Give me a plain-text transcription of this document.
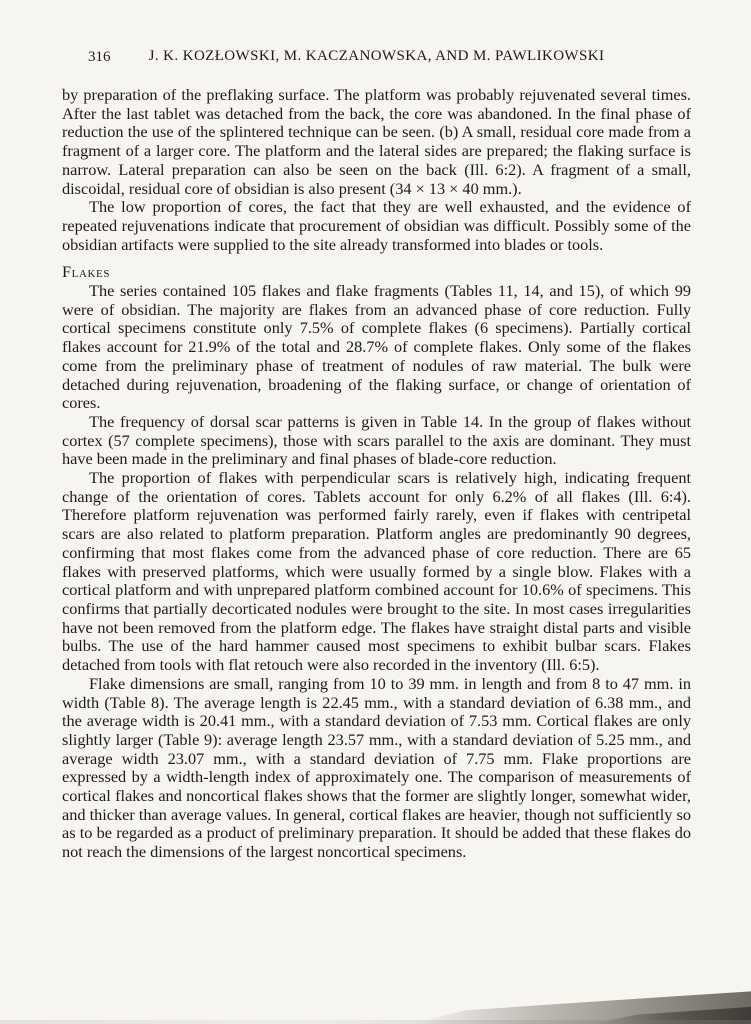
316	J. K. KOZŁOWSKI, M. KACZANOWSKA, AND M. PAWLIKOWSKI

by preparation of the preflaking surface. The platform was probably rejuvenated several times. After the last tablet was detached from the back, the core was abandoned. In the final phase of reduction the use of the splintered technique can be seen. (b) A small, residual core made from a fragment of a larger core. The platform and the lateral sides are prepared; the flaking surface is narrow. Lateral preparation can also be seen on the back (Ill. 6:2). A fragment of a small, discoidal, residual core of obsidian is also present (34 × 13 × 40 mm.).

The low proportion of cores, the fact that they are well exhausted, and the evidence of repeated rejuvenations indicate that procurement of obsidian was difficult. Possibly some of the obsidian artifacts were supplied to the site already transformed into blades or tools.

Flakes

The series contained 105 flakes and flake fragments (Tables 11, 14, and 15), of which 99 were of obsidian. The majority are flakes from an advanced phase of core reduction. Fully cortical specimens constitute only 7.5% of complete flakes (6 specimens). Partially cortical flakes account for 21.9% of the total and 28.7% of complete flakes. Only some of the flakes come from the preliminary phase of treatment of nodules of raw material. The bulk were detached during rejuvenation, broadening of the flaking surface, or change of orientation of cores.

The frequency of dorsal scar patterns is given in Table 14. In the group of flakes without cortex (57 complete specimens), those with scars parallel to the axis are dominant. They must have been made in the preliminary and final phases of blade-core reduction.

The proportion of flakes with perpendicular scars is relatively high, indicating frequent change of the orientation of cores. Tablets account for only 6.2% of all flakes (Ill. 6:4). Therefore platform rejuvenation was performed fairly rarely, even if flakes with centripetal scars are also related to platform preparation. Platform angles are predominantly 90 degrees, confirming that most flakes come from the advanced phase of core reduction. There are 65 flakes with preserved platforms, which were usually formed by a single blow. Flakes with a cortical platform and with unprepared platform combined account for 10.6% of specimens. This confirms that partially decorticated nodules were brought to the site. In most cases irregularities have not been removed from the platform edge. The flakes have straight distal parts and visible bulbs. The use of the hard hammer caused most specimens to exhibit bulbar scars. Flakes detached from tools with flat retouch were also recorded in the inventory (Ill. 6:5).

Flake dimensions are small, ranging from 10 to 39 mm. in length and from 8 to 47 mm. in width (Table 8). The average length is 22.45 mm., with a standard deviation of 6.38 mm., and the average width is 20.41 mm., with a standard deviation of 7.53 mm. Cortical flakes are only slightly larger (Table 9): average length 23.57 mm., with a standard deviation of 5.25 mm., and average width 23.07 mm., with a standard deviation of 7.75 mm. Flake proportions are expressed by a width-length index of approximately one. The comparison of measurements of cortical flakes and noncortical flakes shows that the former are slightly longer, somewhat wider, and thicker than average values. In general, cortical flakes are heavier, though not sufficiently so as to be regarded as a product of preliminary preparation. It should be added that these flakes do not reach the dimensions of the largest noncortical specimens.
